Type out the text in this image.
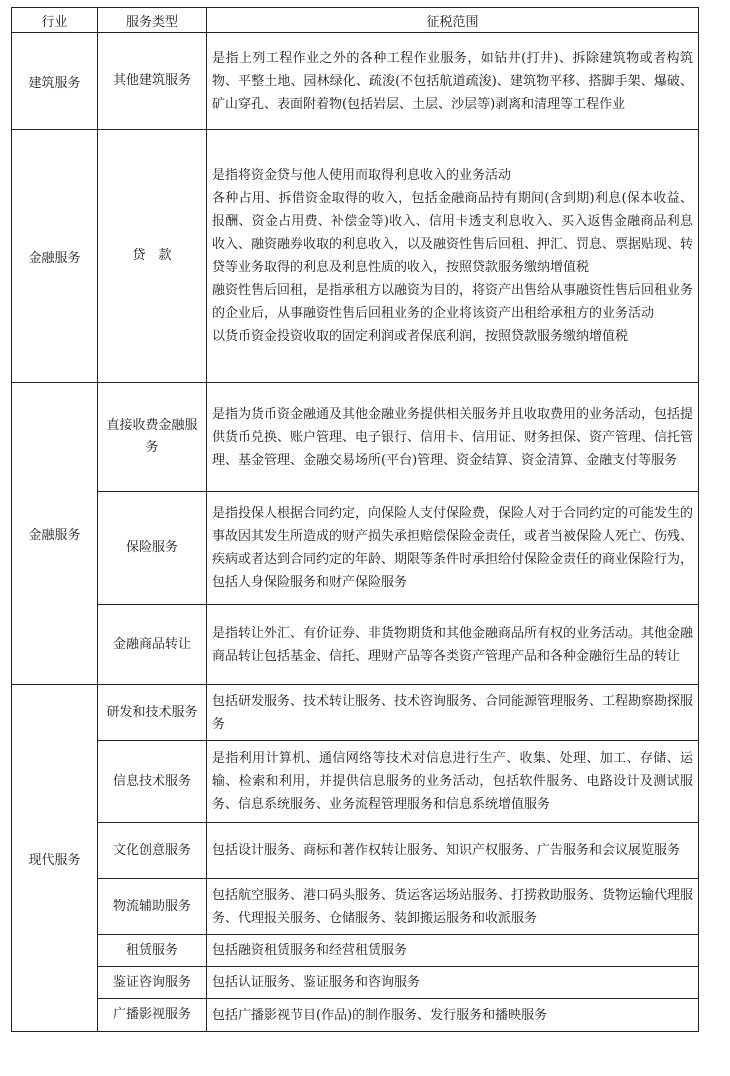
行业	服务类型	征税范围
建筑服务	其他建筑服务	是指上列工程作业之外的各种工程作业服务，如钻井(打井)、拆除建筑物或者构筑物、平整土地、园林绿化、疏浚(不包括航道疏浚)、建筑物平移、搭脚手架、爆破、矿山穿孔、表面附着物(包括岩层、土层、沙层等)剥离和清理等工程作业

金融服务	贷　款	是指将资金贷与他人使用而取得利息收入的业务活动

各种占用、拆借资金取得的收入，包括金融商品持有期间(含到期)利息(保本收益、报酬、资金占用费、补偿金等)收入、信用卡透支利息收入、买入返售金融商品利息收入、融资融券收取的利息收入，以及融资性售后回租、押汇、罚息、票据贴现、转贷等业务取得的利息及利息性质的收入，按照贷款服务缴纳增值税

融资性售后回租，是指承租方以融资为目的，将资产出售给从事融资性售后回租业务的企业后，从事融资性售后回租业务的企业将该资产出租给承租方的业务活动

以货币资金投资收取的固定利润或者保底利润，按照贷款服务缴纳增值税

金融服务	直接收费金融服务	是指为货币资金融通及其他金融业务提供相关服务并且收取费用的业务活动，包括提供货币兑换、账户管理、电子银行、信用卡、信用证、财务担保、资产管理、信托管理、基金管理、金融交易场所(平台)管理、资金结算、资金清算、金融支付等服务

	保险服务	是指投保人根据合同约定，向保险人支付保险费，保险人对于合同约定的可能发生的事故因其发生所造成的财产损失承担赔偿保险金责任，或者当被保险人死亡、伤残、疾病或者达到合同约定的年龄、期限等条件时承担给付保险金责任的商业保险行为，包括人身保险服务和财产保险服务

	金融商品转让	是指转让外汇、有价证券、非货物期货和其他金融商品所有权的业务活动。其他金融商品转让包括基金、信托、理财产品等各类资产管理产品和各种金融衍生品的转让

现代服务	研发和技术服务	包括研发服务、技术转让服务、技术咨询服务、合同能源管理服务、工程勘察勘探服务

	信息技术服务	是指利用计算机、通信网络等技术对信息进行生产、收集、处理、加工、存储、运输、检索和利用，并提供信息服务的业务活动，包括软件服务、电路设计及测试服务、信息系统服务、业务流程管理服务和信息系统增值服务

	文化创意服务	包括设计服务、商标和著作权转让服务、知识产权服务、广告服务和会议展览服务

	物流辅助服务	包括航空服务、港口码头服务、货运客运场站服务、打捞救助服务、货物运输代理服务、代理报关服务、仓储服务、装卸搬运服务和收派服务

	租赁服务	包括融资租赁服务和经营租赁服务

	鉴证咨询服务	包括认证服务、鉴证服务和咨询服务

	广播影视服务	包括广播影视节目(作品)的制作服务、发行服务和播映服务
